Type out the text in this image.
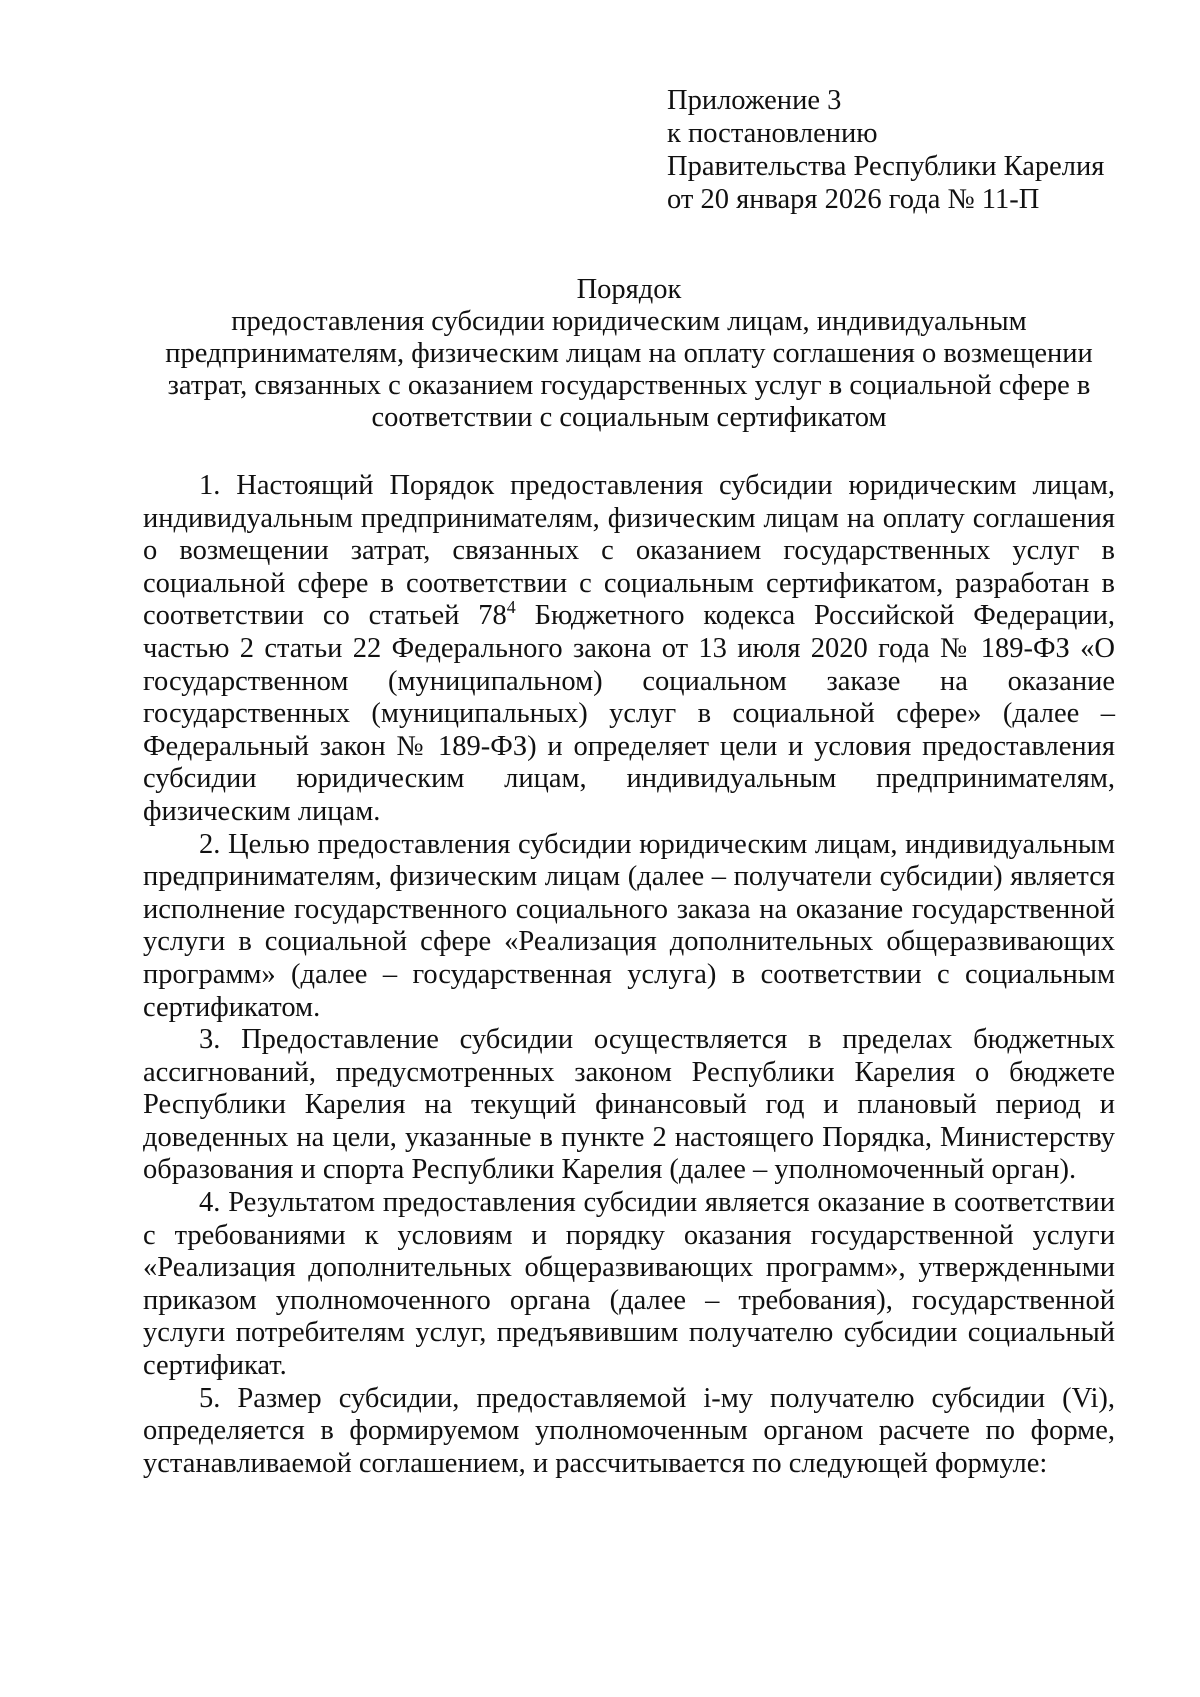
Приложение 3
к постановлению
Правительства Республики Карелия
от 20 января 2026 года № 11-П
Порядок
предоставления субсидии юридическим лицам, индивидуальным предпринимателям, физическим лицам на оплату соглашения о возмещении затрат, связанных с оказанием государственных услуг в социальной сфере в соответствии с социальным сертификатом

1. Настоящий Порядок предоставления субсидии юридическим лицам, индивидуальным предпринимателям, физическим лицам на оплату соглашения о возмещении затрат, связанных с оказанием государственных услуг в социальной сфере в соответствии с социальным сертификатом, разработан в соответствии со статьей $78^4$ Бюджетного кодекса Российской Федерации, частью 2 статьи 22 Федерального закона от 13 июля 2020 года № 189-ФЗ «О государственном (муниципальном) социальном заказе на оказание государственных (муниципальных) услуг в социальной сфере» (далее – Федеральный закон № 189-ФЗ) и определяет цели и условия предоставления субсидии юридическим лицам, индивидуальным предпринимателям, физическим лицам.

2. Целью предоставления субсидии юридическим лицам, индивидуальным предпринимателям, физическим лицам (далее – получатели субсидии) является исполнение государственного социального заказа на оказание государственной услуги в социальной сфере «Реализация дополнительных общеразвивающих программ» (далее – государственная услуга) в соответствии с социальным сертификатом.

3. Предоставление субсидии осуществляется в пределах бюджетных ассигнований, предусмотренных законом Республики Карелия о бюджете Республики Карелия на текущий финансовый год и плановый период и доведенных на цели, указанные в пункте 2 настоящего Порядка, Министерству образования и спорта Республики Карелия (далее – уполномоченный орган).

4. Результатом предоставления субсидии является оказание в соответствии с требованиями к условиям и порядку оказания государственной услуги «Реализация дополнительных общеразвивающих программ», утвержденными приказом уполномоченного органа (далее – требования), государственной услуги потребителям услуг, предъявившим получателю субсидии социальный сертификат.

5. Размер субсидии, предоставляемой i-му получателю субсидии (Vi), определяется в формируемом уполномоченным органом расчете по форме, устанавливаемой соглашением, и рассчитывается по следующей формуле:
